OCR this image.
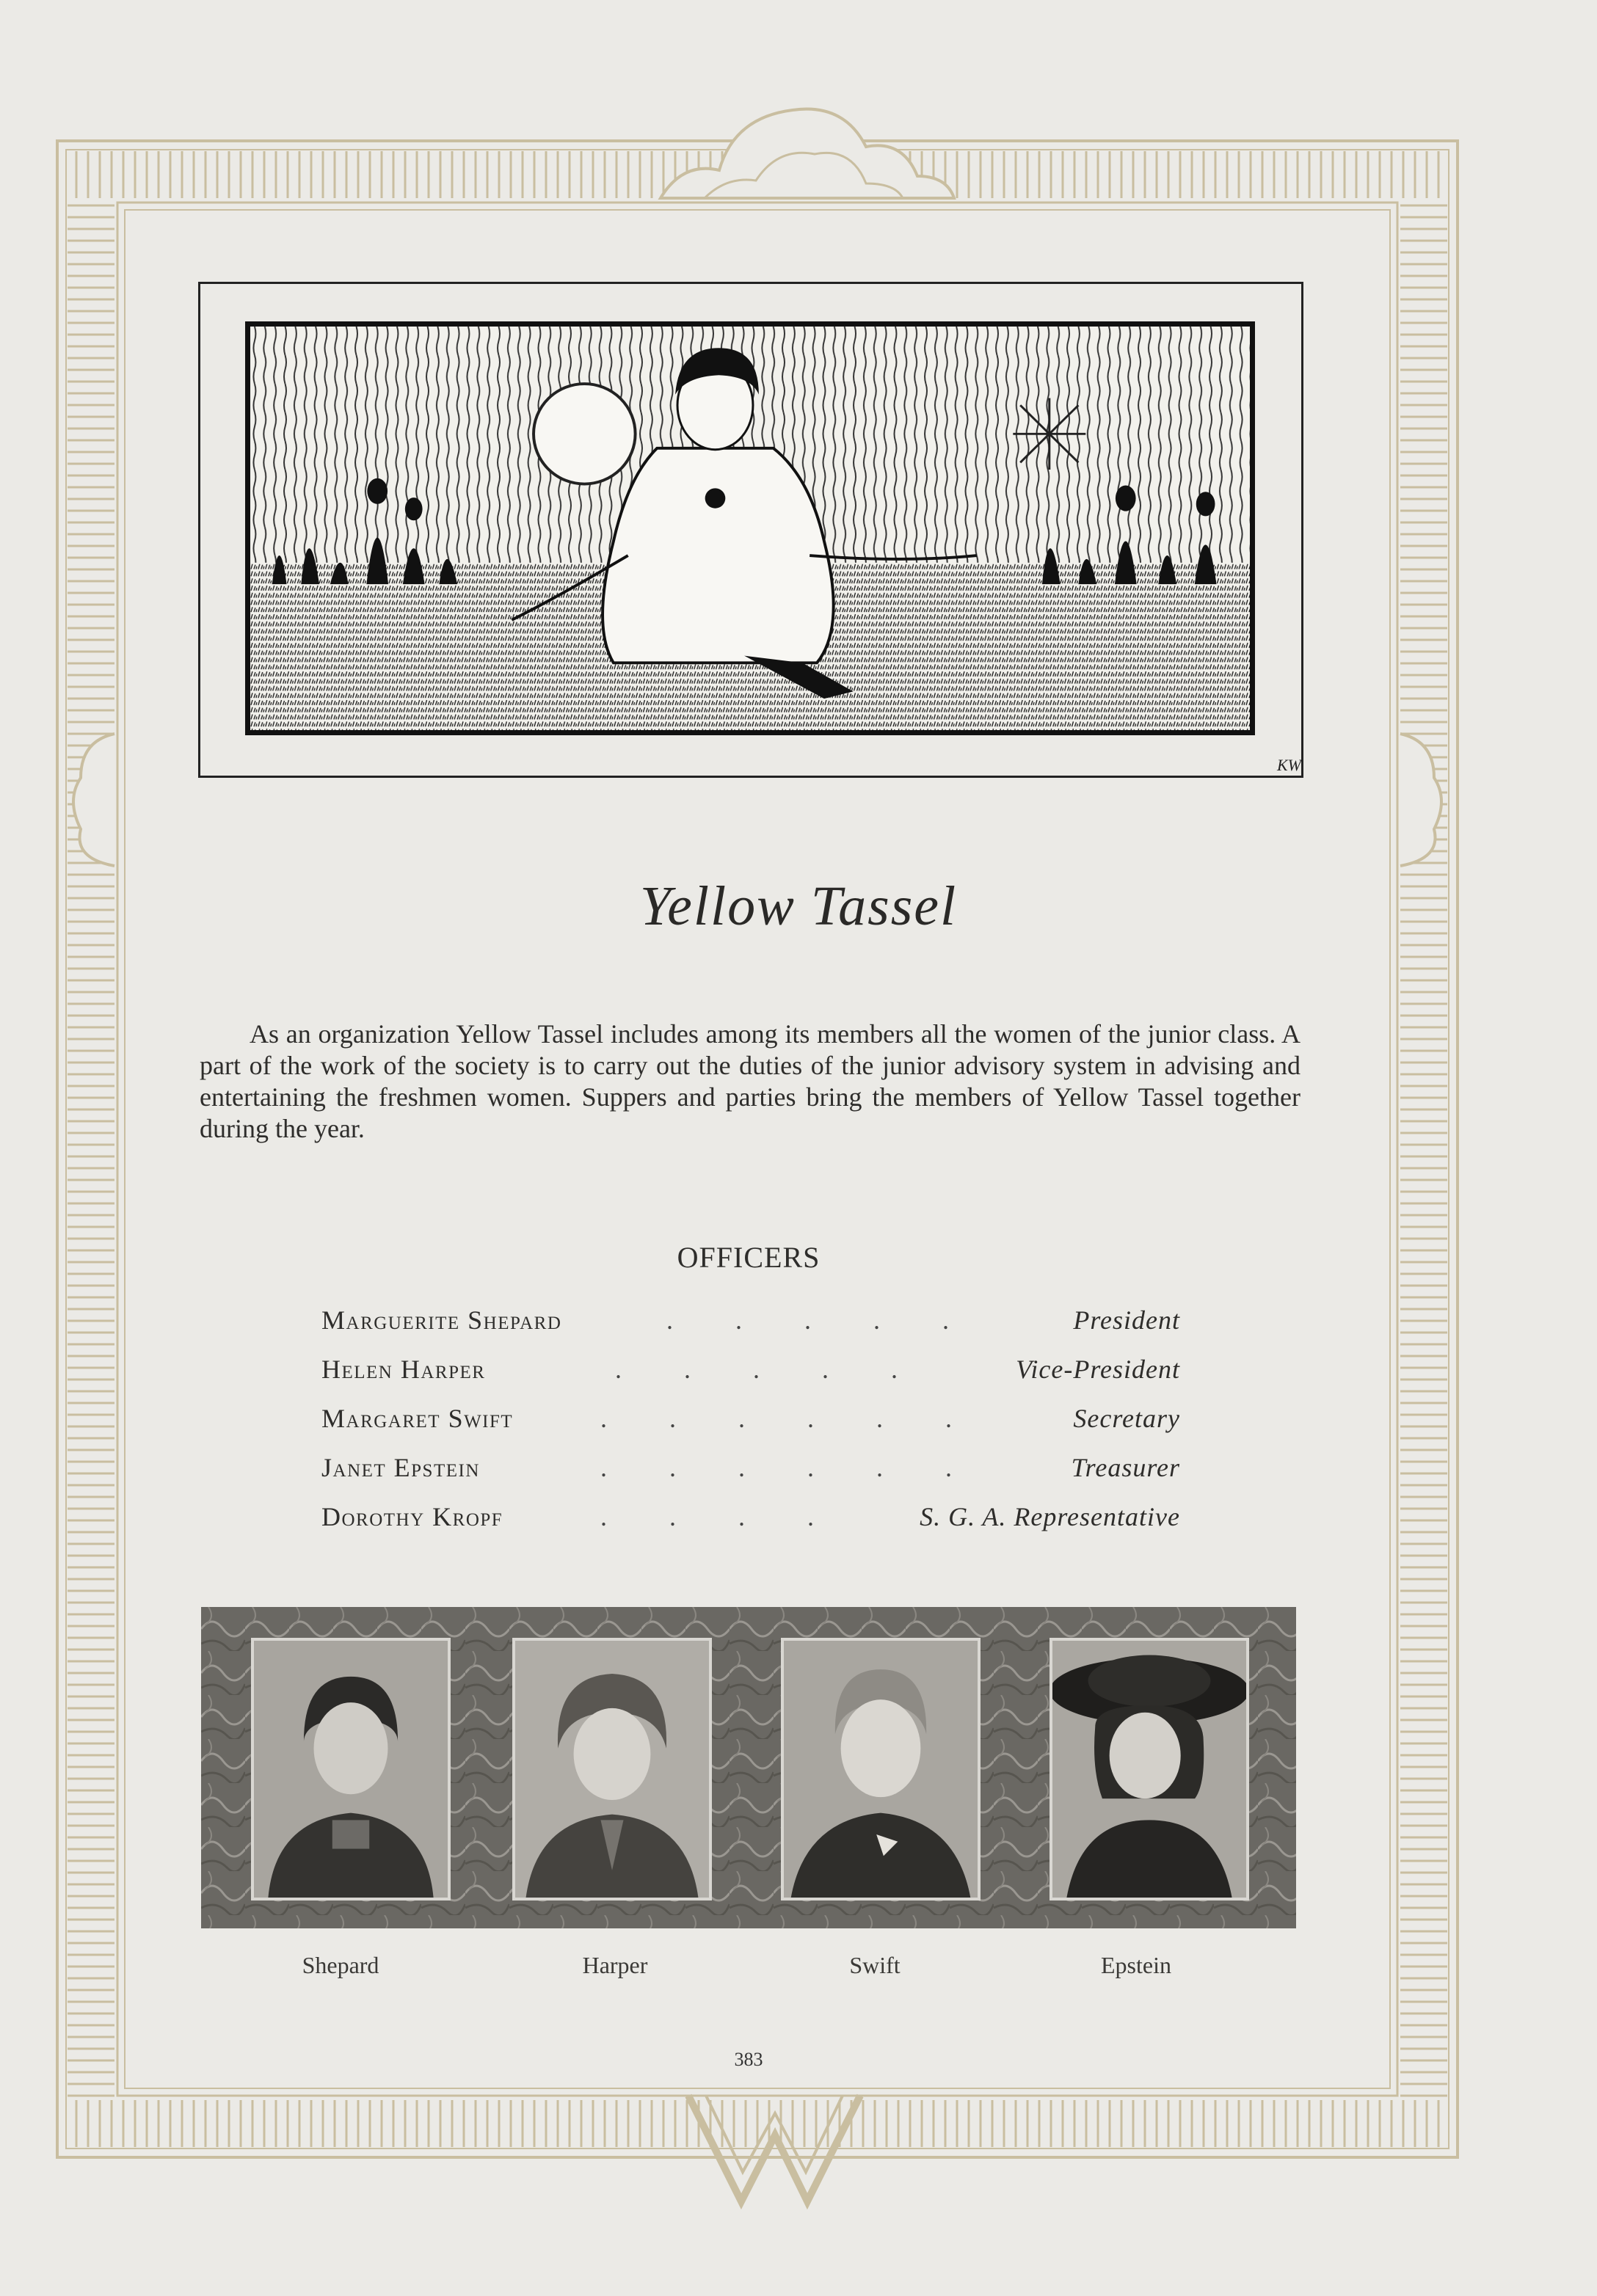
KW
Yellow Tassel

As an organization Yellow Tassel includes among its members all the women of the junior class. A part of the work of the society is to carry out the duties of the junior advisory system in advising and entertaining the freshmen women. Suppers and parties bring the members of Yellow Tassel together during the year.

OFFICERS
Marguerite Shepard	. . . . .	President
Helen Harper	. . . . .	Vice-President
Margaret Swift	. . . . . .	Secretary
Janet Epstein	. . . . . .	Treasurer
Dorothy Kropf	. . . .	S. G. A. Representative
Shepard	Harper	Swift	Epstein
383
